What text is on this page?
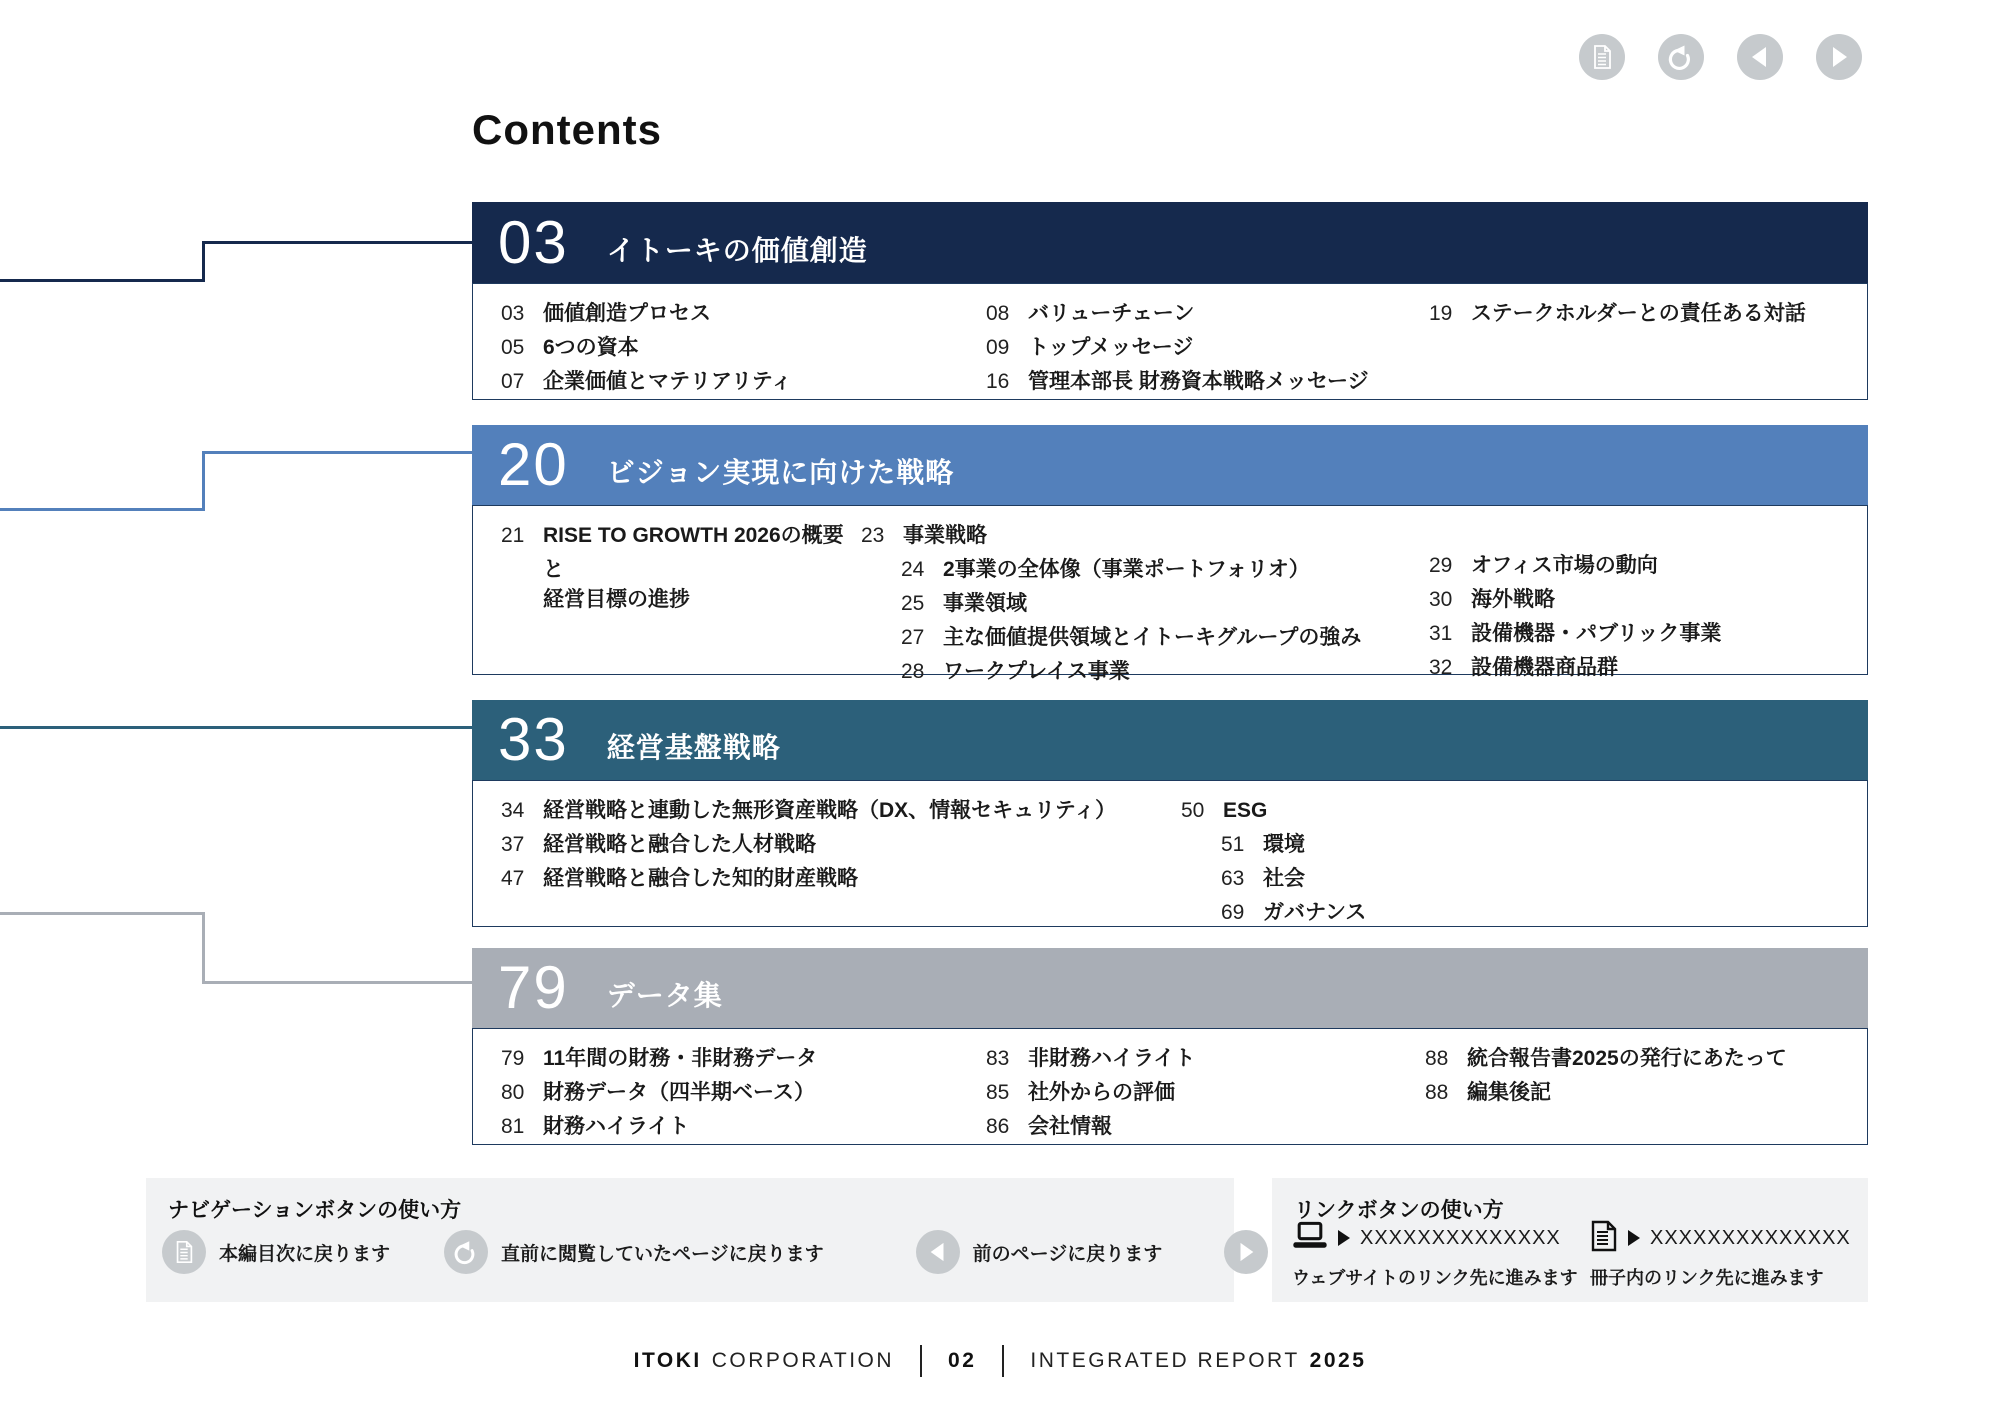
Contents
03 イトーキの価値創造
03 価値創造プロセス
05 6つの資本
07 企業価値とマテリアリティ
08 バリューチェーン
09 トップメッセージ
16 管理本部長 財務資本戦略メッセージ
19 ステークホルダーとの責任ある対話
20 ビジョン実現に向けた戦略
21 RISE TO GROWTH 2026の概要と
経営目標の進捗
23 事業戦略
24 2事業の全体像（事業ポートフォリオ）
25 事業領域
27 主な価値提供領域とイトーキグループの強み
28 ワークプレイス事業
29 オフィス市場の動向
30 海外戦略
31 設備機器・パブリック事業
32 設備機器商品群
33 経営基盤戦略
34 経営戦略と連動した無形資産戦略（DX、情報セキュリティ）
37 経営戦略と融合した人材戦略
47 経営戦略と融合した知的財産戦略
50 ESG
51 環境
63 社会
69 ガバナンス
79 データ集
79 11年間の財務・非財務データ
80 財務データ（四半期ベース）
81 財務ハイライト
83 非財務ハイライト
85 社外からの評価
86 会社情報
88 統合報告書2025の発行にあたって
88 編集後記
ナビゲーションボタンの使い方
本編目次に戻ります	直前に閲覧していたページに戻ります	前のページに戻ります
リンクボタンの使い方
XXXXXXXXXXXXXX
ウェブサイトのリンク先に進みます
XXXXXXXXXXXXXX
冊子内のリンク先に進みます
ITOKI CORPORATION	02	INTEGRATED REPORT 2025
